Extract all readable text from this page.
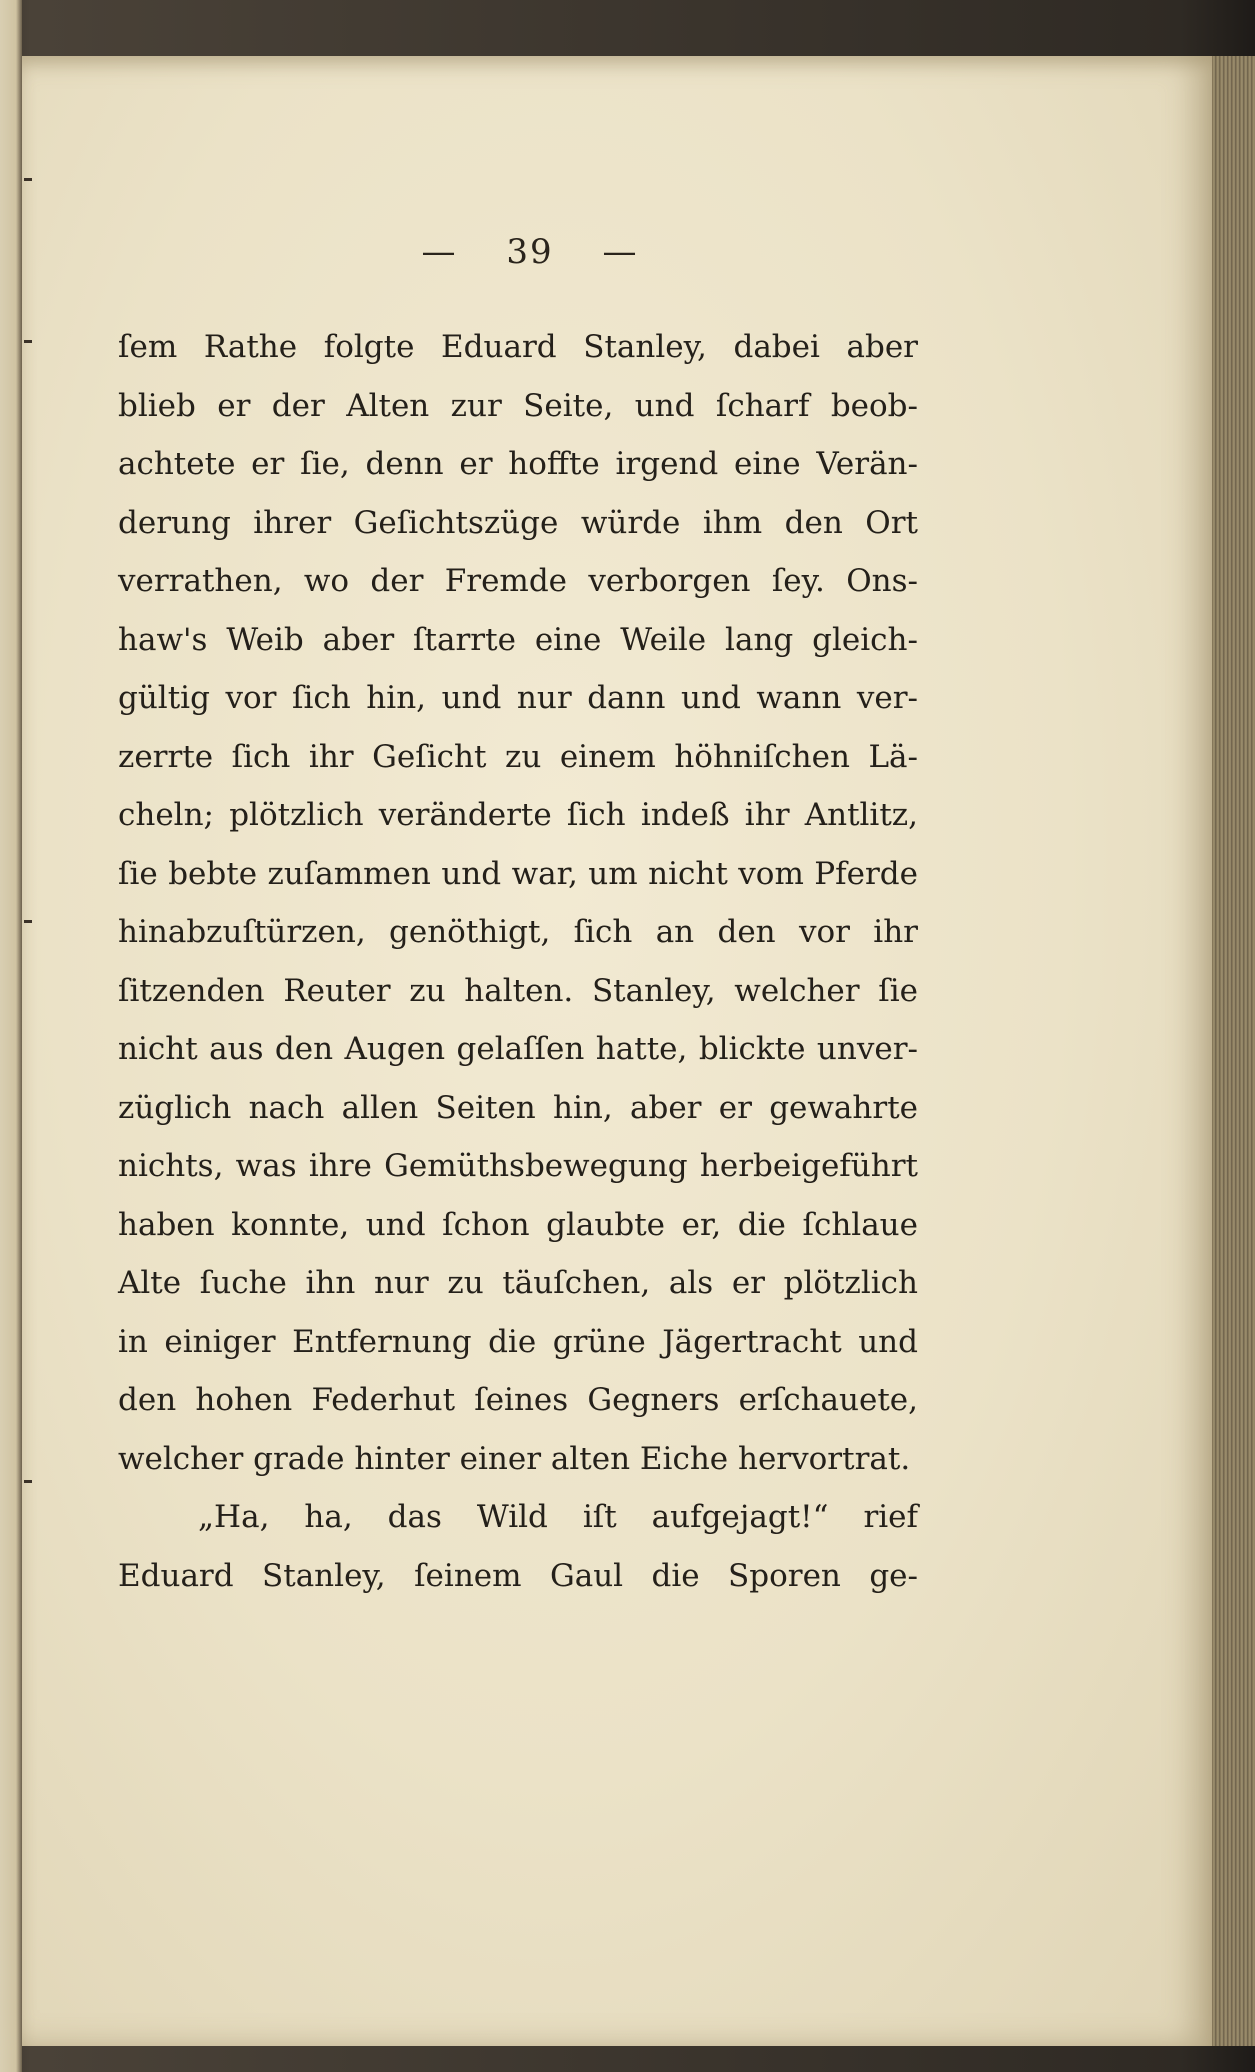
— 39 —
ſem Rathe folgte Eduard Stanley, dabei aber
blieb er der Alten zur Seite, und ſcharf beob-
achtete er ſie, denn er hoffte irgend eine Verän-
derung ihrer Geſichtszüge würde ihm den Ort
verrathen, wo der Fremde verborgen ſey. Ons-
haw's Weib aber ſtarrte eine Weile lang gleich-
gültig vor ſich hin, und nur dann und wann ver-
zerrte ſich ihr Geſicht zu einem höhniſchen Lä-
cheln; plötzlich veränderte ſich indeß ihr Antlitz,
ſie bebte zuſammen und war, um nicht vom Pferde
hinabzuſtürzen, genöthigt, ſich an den vor ihr
ſitzenden Reuter zu halten. Stanley, welcher ſie
nicht aus den Augen gelaſſen hatte, blickte unver-
züglich nach allen Seiten hin, aber er gewahrte
nichts, was ihre Gemüthsbewegung herbeigeführt
haben konnte, und ſchon glaubte er, die ſchlaue
Alte ſuche ihn nur zu täuſchen, als er plötzlich
in einiger Entfernung die grüne Jägertracht und
den hohen Federhut ſeines Gegners erſchauete,
welcher grade hinter einer alten Eiche hervortrat.
„Ha, ha, das Wild iſt aufgejagt!“ rief
Eduard Stanley, ſeinem Gaul die Sporen ge-
